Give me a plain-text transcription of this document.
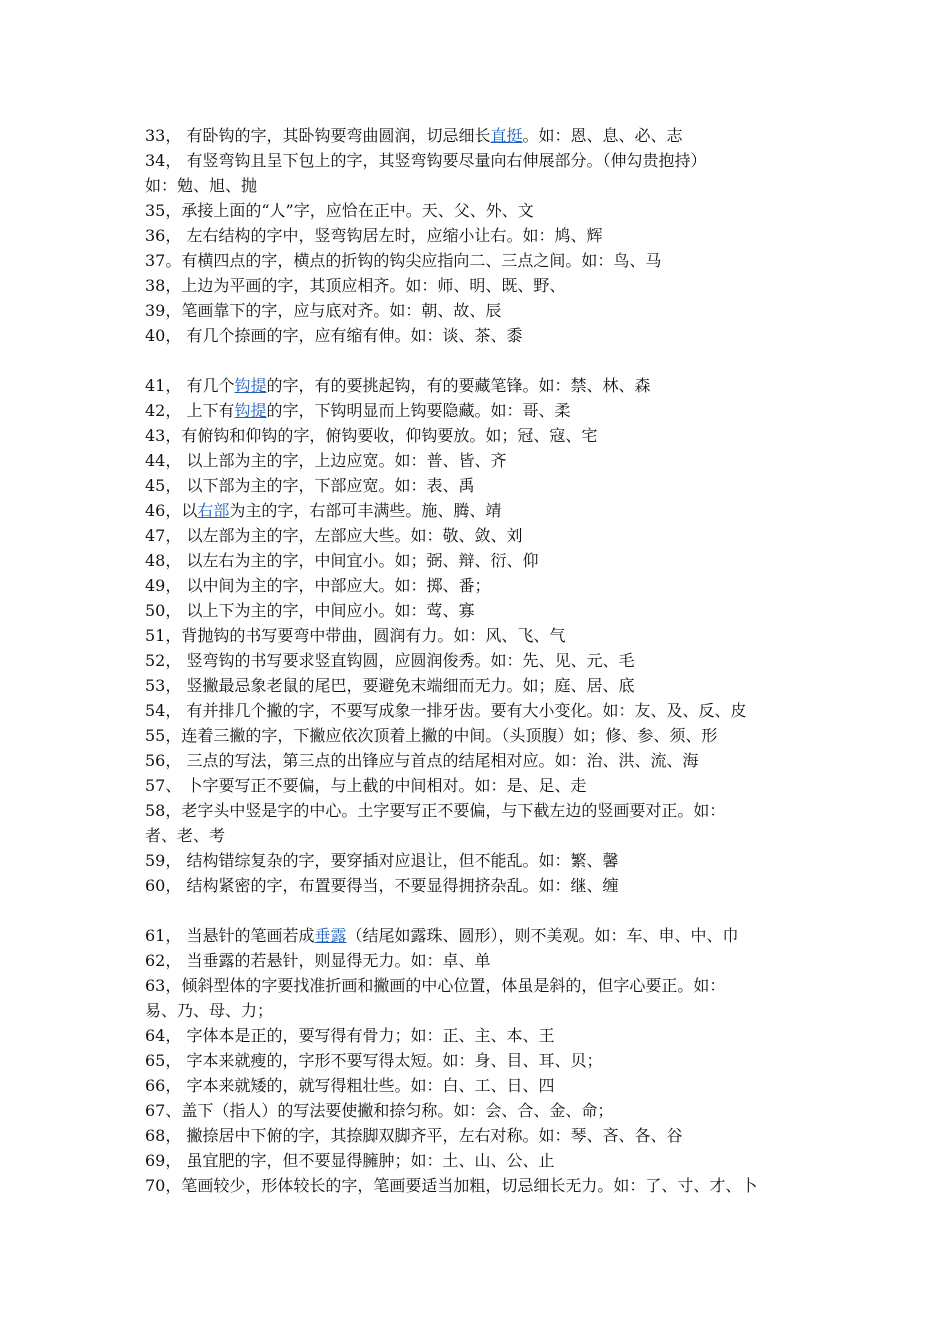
33， 有卧钩的字，其卧钩要弯曲圆润，切忌细长直挺。如：恩、息、必、志
34， 有竖弯钩且呈下包上的字，其竖弯钩要尽量向右伸展部分。（伸勾贵抱持）
如：勉、旭、抛
35，承接上面的“人”字，应恰在正中。天、父、外、文
36， 左右结构的字中，竖弯钩居左时，应缩小让右。如：鸠、辉
37。有横四点的字，横点的折钩的钩尖应指向二、三点之间。如：鸟、马
38，上边为平画的字，其顶应相齐。如：师、明、既、野、
39，笔画靠下的字，应与底对齐。如：朝、故、辰
40， 有几个捺画的字，应有缩有伸。如：谈、茶、黍
41， 有几个钩提的字，有的要挑起钩，有的要藏笔锋。如：禁、林、森
42， 上下有钩提的字，下钩明显而上钩要隐藏。如：哥、柔
43，有俯钩和仰钩的字，俯钩要收，仰钩要放。如；冠、寇、宅
44， 以上部为主的字，上边应宽。如：普、皆、齐
45， 以下部为主的字，下部应宽。如：表、禹
46，以右部为主的字，右部可丰满些。施、腾、靖
47， 以左部为主的字，左部应大些。如：敬、敛、刘
48， 以左右为主的字，中间宜小。如；弼、辩、衍、仰
49， 以中间为主的字，中部应大。如：掷、番；
50， 以上下为主的字，中间应小。如：莺、寡
51，背抛钩的书写要弯中带曲，圆润有力。如：风、飞、气
52， 竖弯钩的书写要求竖直钩圆，应圆润俊秀。如：先、见、元、毛
53， 竖撇最忌象老鼠的尾巴，要避免末端细而无力。如；庭、居、底
54， 有并排几个撇的字，不要写成象一排牙齿。要有大小变化。如：友、及、反、皮
55，连着三撇的字，下撇应依次顶着上撇的中间。（头顶腹）如；修、参、须、形
56， 三点的写法，第三点的出锋应与首点的结尾相对应。如：治、洪、流、海
57、 卜字要写正不要偏，与上截的中间相对。如：是、足、走
58，老字头中竖是字的中心。土字要写正不要偏，与下截左边的竖画要对正。如：
者、老、考
59， 结构错综复杂的字，要穿插对应退让，但不能乱。如：繁、馨
60， 结构紧密的字，布置要得当，不要显得拥挤杂乱。如：继、缠
61， 当悬针的笔画若成垂露（结尾如露珠、圆形），则不美观。如：车、申、中、巾
62， 当垂露的若悬针，则显得无力。如：卓、单
63，倾斜型体的字要找准折画和撇画的中心位置，体虽是斜的，但字心要正。如：
易、乃、母、力；
64， 字体本是正的，要写得有骨力；如：正、主、本、王
65， 字本来就瘦的，字形不要写得太短。如：身、目、耳、贝；
66， 字本来就矮的，就写得粗壮些。如：白、工、日、四
67、盖下（指人）的写法要使撇和捺匀称。如：会、合、金、命；
68， 撇捺居中下俯的字，其捺脚双脚齐平，左右对称。如：琴、吝、各、谷
69， 虽宜肥的字，但不要显得臃肿；如：土、山、公、止
70，笔画较少，形体较长的字，笔画要适当加粗，切忌细长无力。如：了、寸、才、卜
